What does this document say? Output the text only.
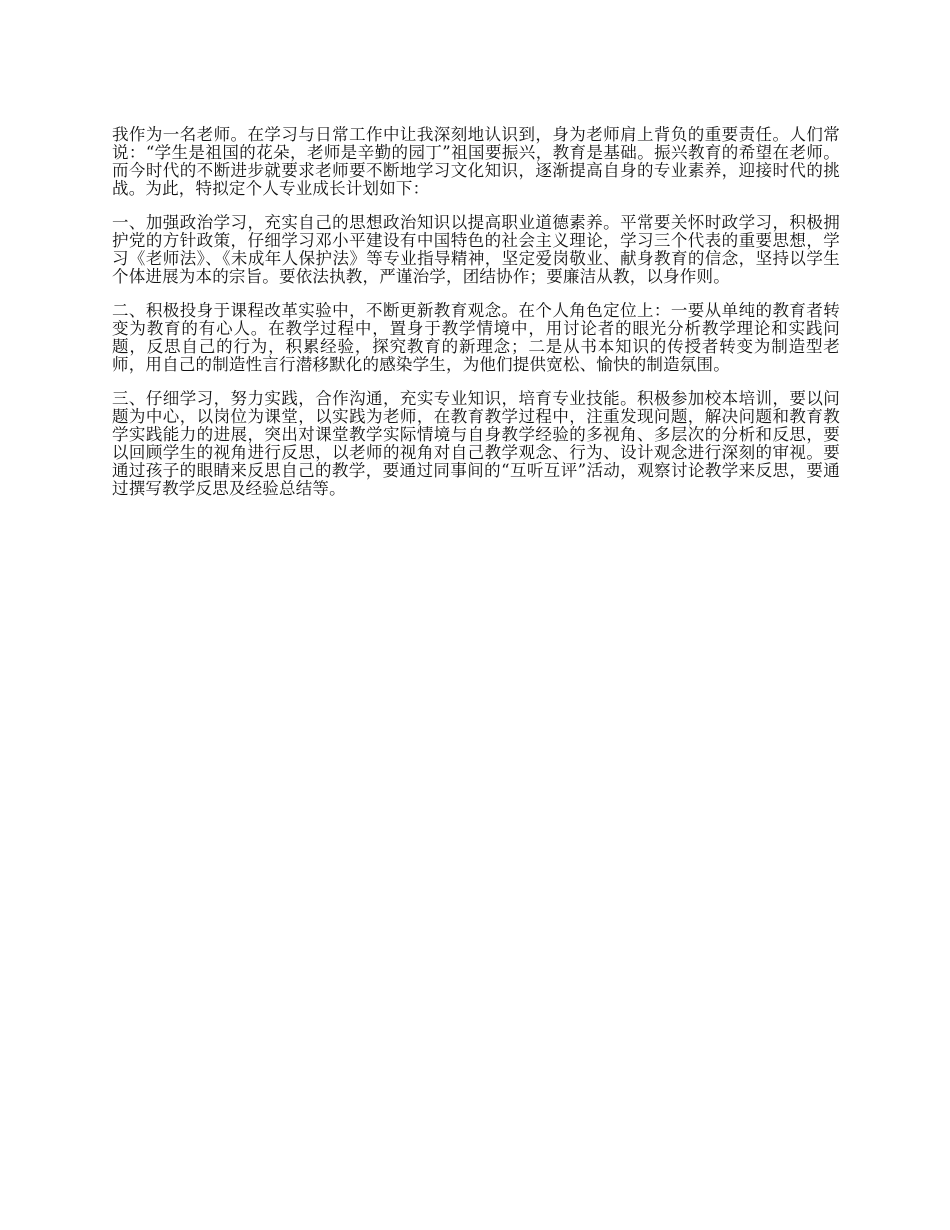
我作为一名老师。在学习与日常工作中让我深刻地认识到，身为老师肩上背负的重要责任。人们常说：“学生是祖国的花朵，老师是辛勤的园丁”祖国要振兴，教育是基础。振兴教育的希望在老师。而今时代的不断进步就要求老师要不断地学习文化知识，逐渐提高自身的专业素养，迎接时代的挑战。为此，特拟定个人专业成长计划如下：

一、加强政治学习，充实自己的思想政治知识以提高职业道德素养。平常要关怀时政学习，积极拥护党的方针政策，仔细学习邓小平建设有中国特色的社会主义理论，学习三个代表的重要思想，学习《老师法》、《未成年人保护法》等专业指导精神，坚定爱岗敬业、献身教育的信念，坚持以学生个体进展为本的宗旨。要依法执教，严谨治学，团结协作；要廉洁从教，以身作则。

二、积极投身于课程改革实验中，不断更新教育观念。在个人角色定位上：一要从单纯的教育者转变为教育的有心人。在教学过程中，置身于教学情境中，用讨论者的眼光分析教学理论和实践问题，反思自己的行为，积累经验，探究教育的新理念；二是从书本知识的传授者转变为制造型老师，用自己的制造性言行潜移默化的感染学生，为他们提供宽松、愉快的制造氛围。

三、仔细学习，努力实践，合作沟通，充实专业知识，培育专业技能。积极参加校本培训，要以问题为中心，以岗位为课堂，以实践为老师，在教育教学过程中，注重发现问题，解决问题和教育教学实践能力的进展，突出对课堂教学实际情境与自身教学经验的多视角、多层次的分析和反思，要以回顾学生的视角进行反思，以老师的视角对自己教学观念、行为、设计观念进行深刻的审视。要通过孩子的眼睛来反思自己的教学，要通过同事间的“互听互评”活动，观察讨论教学来反思，要通过撰写教学反思及经验总结等。
